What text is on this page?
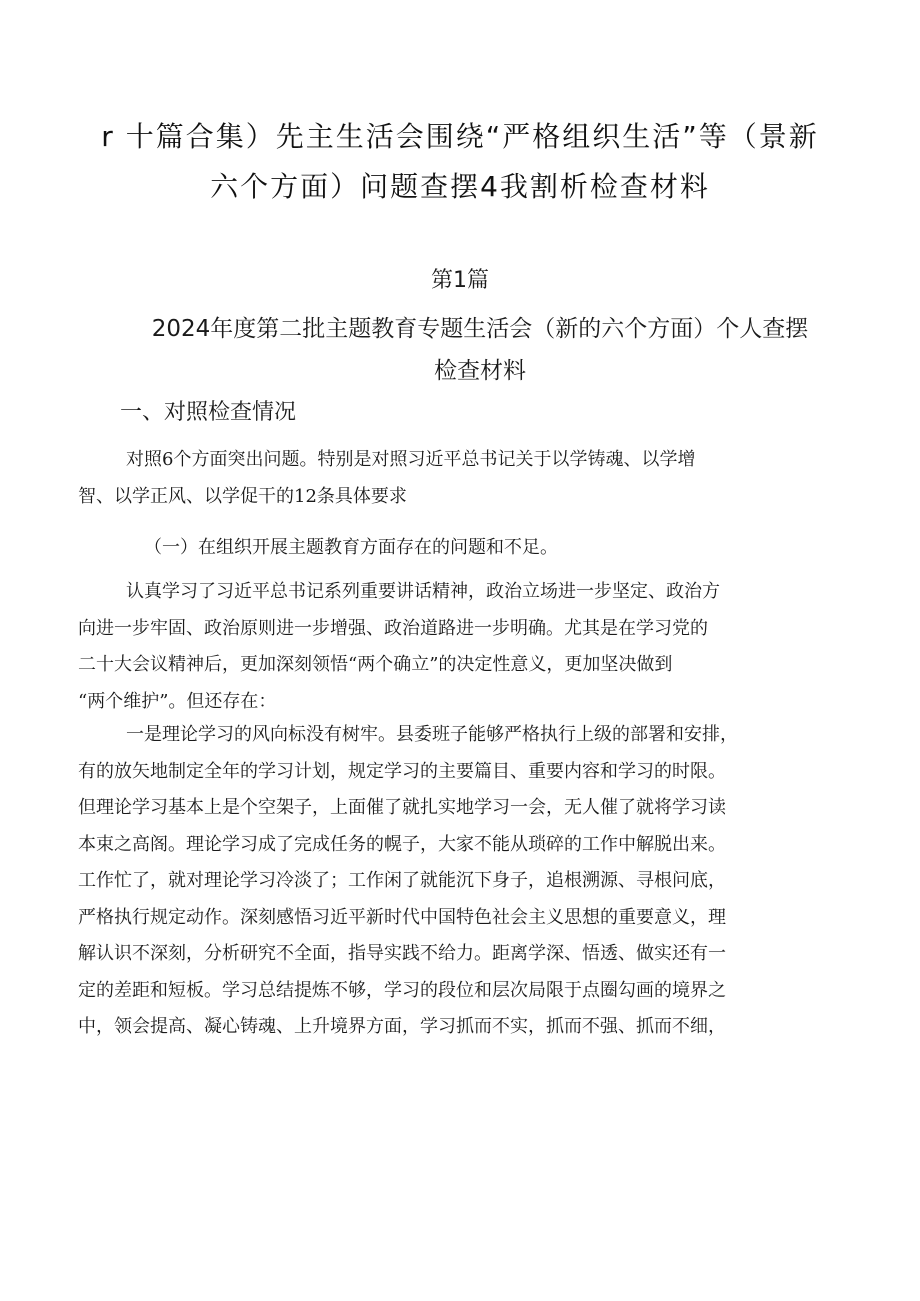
r 十篇合集）先主生活会围绕“严格组织生活”等（景新
六个方面）问题查摆4我割析检查材料
第1篇
2024年度第二批主题教育专题生活会（新的六个方面）个人查摆
检查材料
一、对照检查情况
对照6个方面突出问题。特别是对照习近平总书记关于以学铸魂、以学增
智、以学正风、以学促干的12条具体要求
（一）在组织开展主题教育方面存在的问题和不足。
认真学习了习近平总书记系列重要讲话精神，政治立场进一步坚定、政治方
向进一步牢固、政治原则进一步增强、政治道路进一步明确。尤其是在学习党的
二十大会议精神后，更加深刻领悟“两个确立”的决定性意义，更加坚决做到
“两个维护”。但还存在：
一是理论学习的风向标没有树牢。县委班子能够严格执行上级的部署和安排，
有的放矢地制定全年的学习计划，规定学习的主要篇目、重要内容和学习的时限。
但理论学习基本上是个空架子，上面催了就扎实地学习一会，无人催了就将学习读
本束之高阁。理论学习成了完成任务的幌子，大家不能从琐碎的工作中解脱出来。
工作忙了，就对理论学习冷淡了；工作闲了就能沉下身子，追根溯源、寻根问底，
严格执行规定动作。深刻感悟习近平新时代中国特色社会主义思想的重要意义，理
解认识不深刻，分析研究不全面，指导实践不给力。距离学深、悟透、做实还有一
定的差距和短板。学习总结提炼不够，学习的段位和层次局限于点圈勾画的境界之
中，领会提高、凝心铸魂、上升境界方面，学习抓而不实，抓而不强、抓而不细，
